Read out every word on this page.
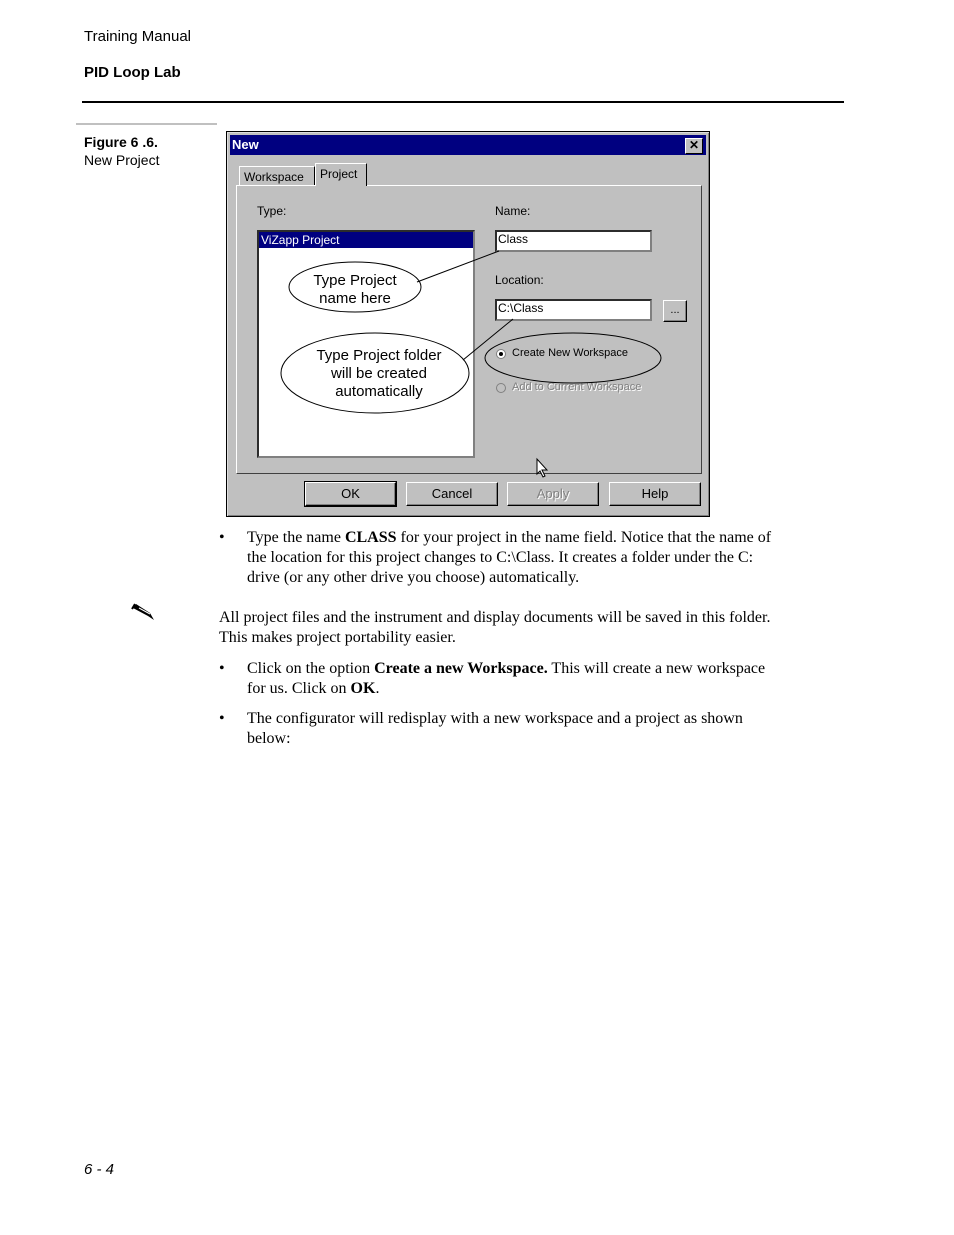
Training Manual
PID Loop Lab
Figure 6 .6.
New Project
New	✕
Workspace	Project
Type:
ViZapp Project
Name:
Class
Location:
C:\Class	...
Create New Workspace
Add to Current Workspace
Type Project
name here
Type Project folder
will be created
automatically
OK	Cancel	Apply	Help
• Type the name CLASS for your project in the name field. Notice that the name of
the location for this project changes to C:\Class. It creates a folder under the C:
drive (or any other drive you choose) automatically.
All project files and the instrument and display documents will be saved in this folder.
This makes project portability easier.
• Click on the option Create a new Workspace. This will create a new workspace
for us. Click on OK.
• The configurator will redisplay with a new workspace and a project as shown
below:
6 - 4
